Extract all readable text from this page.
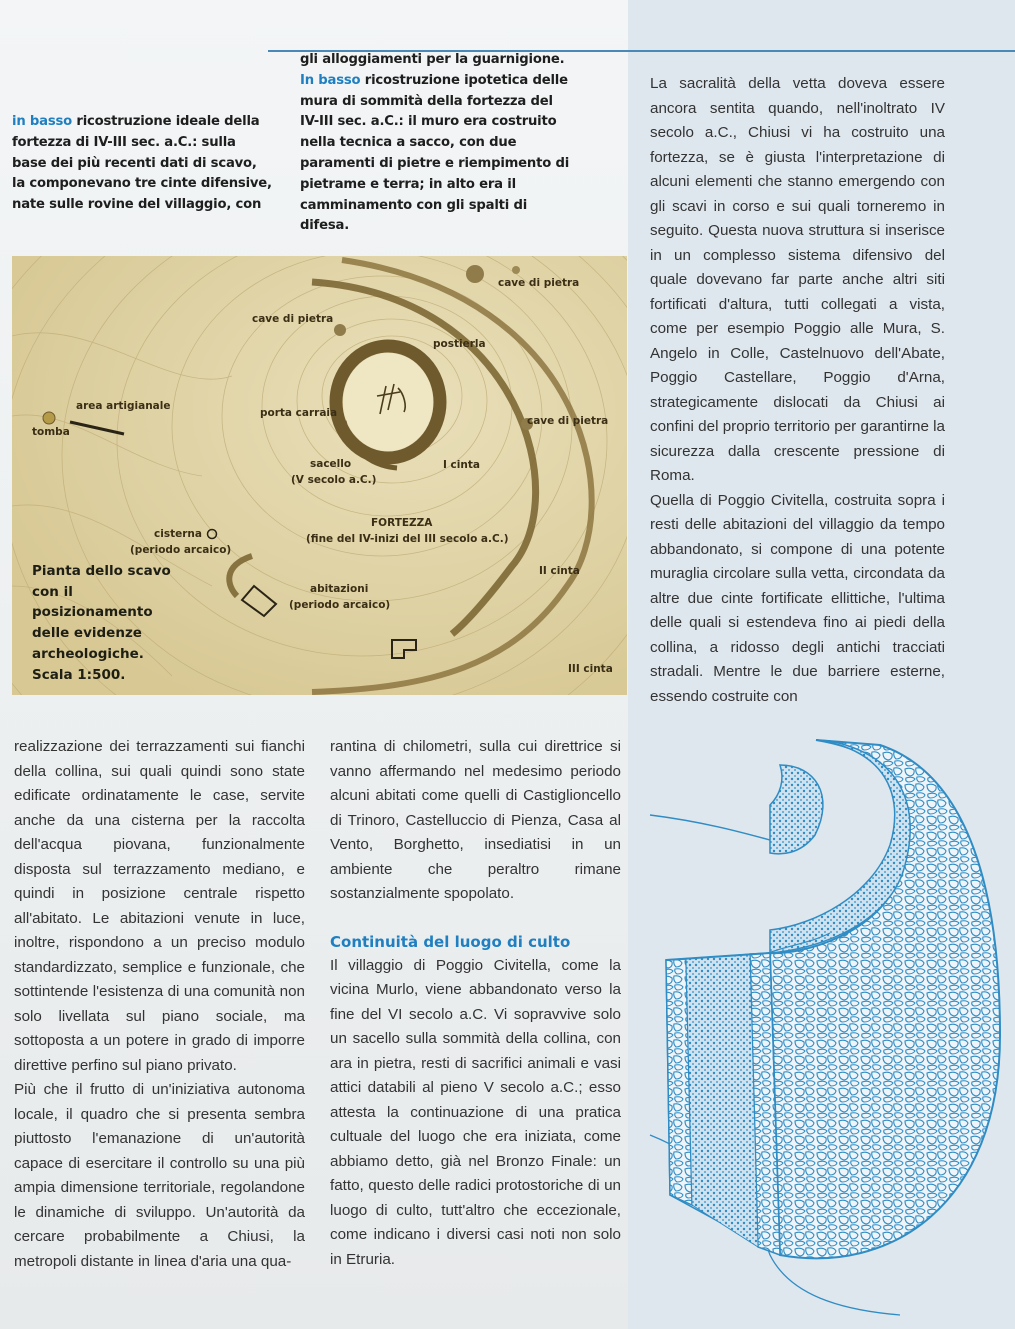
in basso ricostruzione ideale della fortezza di IV-III sec. a.C.: sulla base dei più recenti dati di scavo, la componevano tre cinte difensive, nate sulle rovine del villaggio, con
gli alloggiamenti per la guarnigione.
In basso ricostruzione ipotetica delle mura di sommità della fortezza del IV-III sec. a.C.: il muro era costruito nella tecnica a sacco, con due paramenti di pietre e riempimento di pietrame e terra; in alto era il camminamento con gli spalti di difesa.

La sacralità della vetta doveva essere ancora sentita quando, nell'inoltrato IV secolo a.C., Chiusi vi ha costruito una fortezza, se è giusta l'interpretazione di alcuni elementi che stanno emergendo con gli scavi in corso e sui quali torneremo in seguito. Questa nuova struttura si inserisce in un complesso sistema difensivo del quale dovevano far parte anche altri siti fortificati d'altura, tutti collegati a vista, come per esempio Poggio alle Mura, S. Angelo in Colle, Castelnuovo dell'Abate, Poggio Castellare, Poggio d'Arna, strategicamente dislocati da Chiusi ai confini del proprio territorio per garantirne la sicurezza dalla crescente pressione di Roma.

Quella di Poggio Civitella, costruita sopra i resti delle abitazioni del villaggio da tempo abbandonato, si compone di una potente muraglia circolare sulla vetta, circondata da altre due cinte fortificate ellittiche, l'ultima delle quali si estendeva fino ai piedi della collina, a ridosso degli antichi tracciati stradali. Mentre le due barriere esterne, essendo costruite con

cave di pietra
cave di pietra
postierla
area artigianale
tomba
porta carraia
cave di pietra
sacello
(V secolo a.C.)
I cinta
FORTEZZA
(fine del IV-inizi del III secolo a.C.)
cisterna
(periodo arcaico)
II cinta
abitazioni
(periodo arcaico)
III cinta
Pianta dello scavo con il posizionamento delle evidenze archeologiche. Scala 1:500.

realizzazione dei terrazzamenti sui fianchi della collina, sui quali quindi sono state edificate ordinatamente le case, servite anche da una cisterna per la raccolta dell'acqua piovana, funzionalmente disposta sul terrazzamento mediano, e quindi in posizione centrale rispetto all'abitato. Le abitazioni venute in luce, inoltre, rispondono a un preciso modulo standardizzato, semplice e funzionale, che sottintende l'esistenza di una comunità non solo livellata sul piano sociale, ma sottoposta a un potere in grado di imporre direttive perfino sul piano privato.

Più che il frutto di un'iniziativa autonoma locale, il quadro che si presenta sembra piuttosto l'emanazione di un'autorità capace di esercitare il controllo su una più ampia dimensione territoriale, regolandone le dinamiche di sviluppo. Un'autorità da cercare probabilmente a Chiusi, la metropoli distante in linea d'aria una qua-

rantina di chilometri, sulla cui direttrice si vanno affermando nel medesimo periodo alcuni abitati come quelli di Castiglioncello di Trinoro, Castelluccio di Pienza, Casa al Vento, Borghetto, insediatisi in un ambiente che peraltro rimane sostanzialmente spopolato.

Continuità del luogo di culto

Il villaggio di Poggio Civitella, come la vicina Murlo, viene abbandonato verso la fine del VI secolo a.C. Vi sopravvive solo un sacello sulla sommità della collina, con ara in pietra, resti di sacrifici animali e vasi attici databili al pieno V secolo a.C.; esso attesta la continuazione di una pratica cultuale del luogo che era iniziata, come abbiamo detto, già nel Bronzo Finale: un fatto, questo delle radici protostoriche di un luogo di culto, tutt'altro che eccezionale, come indicano i diversi casi noti non solo in Etruria.
